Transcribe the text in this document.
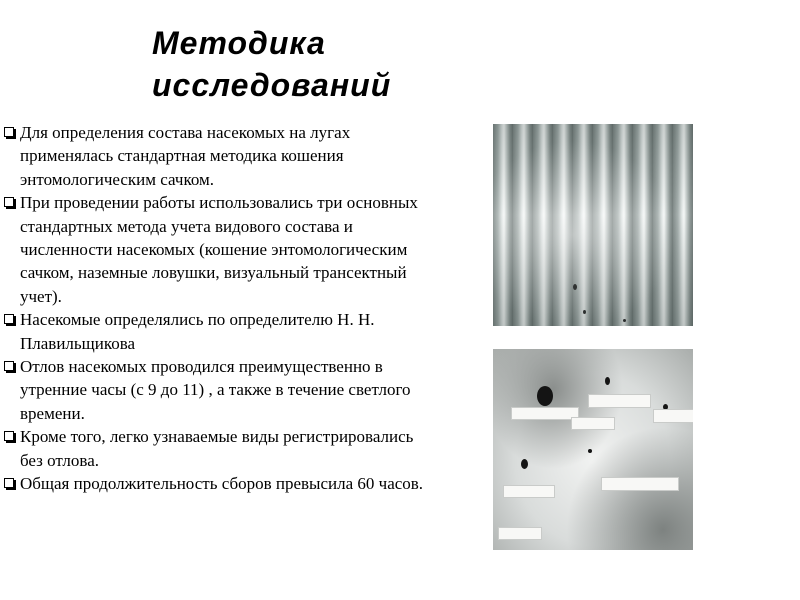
Методика
исследований
Для определения состава насекомых на лугах применялась стандартная методика кошения энтомологическим сачком.
При проведении работы использовались три основных стандартных метода учета видового состава и численности насекомых (кошение энтомологическим сачком, наземные ловушки, визуальный трансектный учет).
Насекомые определялись по определителю Н. Н. Плавильщикова
Отлов насекомых проводился преимущественно в утренние часы (с 9 до 11) , а также в течение светлого времени.
Кроме того, легко узнаваемые виды регистрировались без отлова.
Общая продолжительность сборов превысила 60 часов.
